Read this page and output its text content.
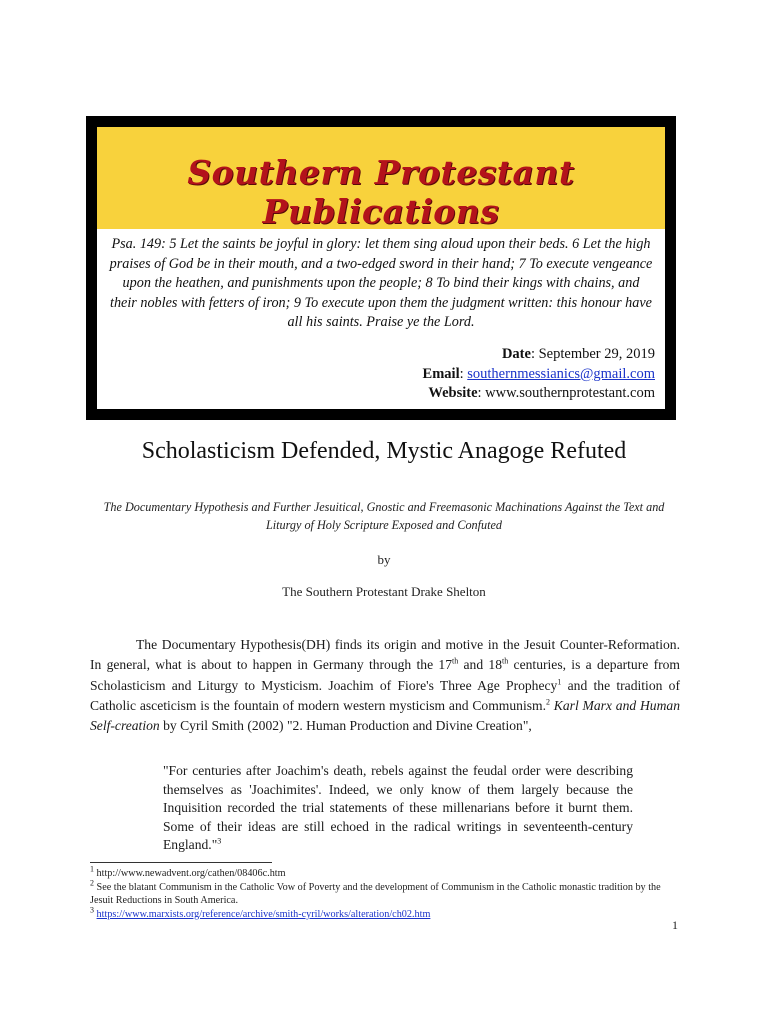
Southern Protestant Publications
Psa. 149: 5 Let the saints be joyful in glory: let them sing aloud upon their beds. 6 Let the high praises of God be in their mouth, and a two-edged sword in their hand; 7 To execute vengeance upon the heathen, and punishments upon the people; 8 To bind their kings with chains, and their nobles with fetters of iron; 9 To execute upon them the judgment written: this honour have all his saints. Praise ye the Lord.
Date: September 29, 2019
Email: southernmessianics@gmail.com
Website: www.southernprotestant.com
Scholasticism Defended, Mystic Anagoge Refuted
The Documentary Hypothesis and Further Jesuitical, Gnostic and Freemasonic Machinations Against the Text and Liturgy of Holy Scripture Exposed and Confuted
by
The Southern Protestant Drake Shelton
The Documentary Hypothesis(DH) finds its origin and motive in the Jesuit Counter-Reformation. In general, what is about to happen in Germany through the 17th and 18th centuries, is a departure from Scholasticism and Liturgy to Mysticism. Joachim of Fiore's Three Age Prophecy$^1$ and the tradition of Catholic asceticism is the fountain of modern western mysticism and Communism.$^2$ Karl Marx and Human Self-creation by Cyril Smith (2002) "2. Human Production and Divine Creation",
"For centuries after Joachim's death, rebels against the feudal order were describing themselves as 'Joachimites'. Indeed, we only know of them largely because the Inquisition recorded the trial statements of these millenarians before it burnt them. Some of their ideas are still echoed in the radical writings in seventeenth-century England."$^3$

$^1$ http://www.newadvent.org/cathen/08406c.htm

$^2$ See the blatant Communism in the Catholic Vow of Poverty and the development of Communism in the Catholic monastic tradition by the Jesuit Reductions in South America.

$^3$ https://www.marxists.org/reference/archive/smith-cyril/works/alteration/ch02.htm

1
